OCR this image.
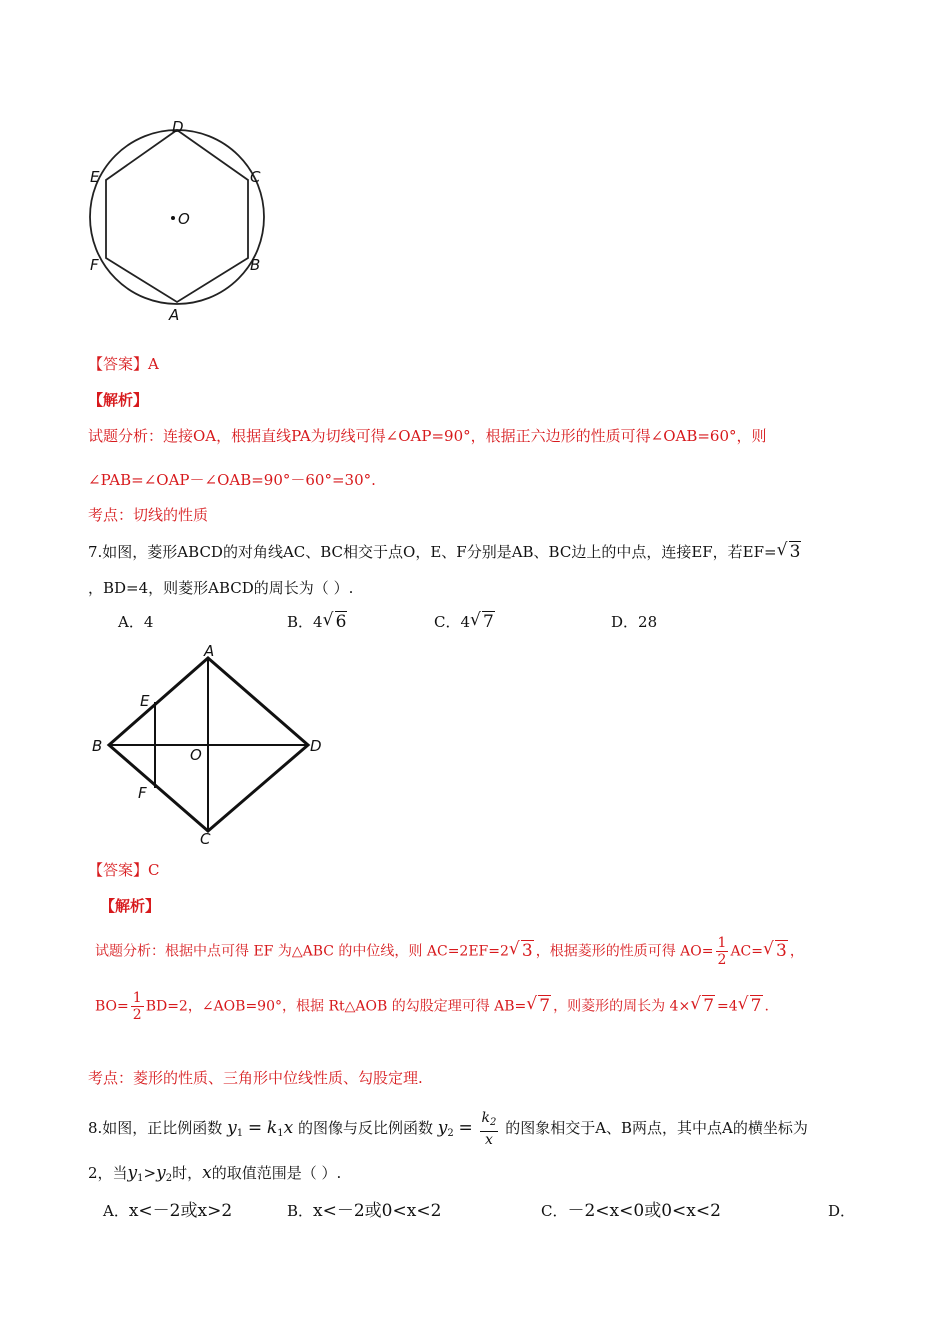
D
C
E
O
F	B
A
【答案】A
【解析】
试题分析：连接OA，根据直线PA为切线可得∠OAP=90°，根据正六边形的性质可得∠OAB=60°，则
∠PAB=∠OAP－∠OAB=90°－60°=30°.
考点：切线的性质
7.如图，菱形ABCD的对角线AC、BC相交于点O，E、F分别是AB、BC边上的中点，连接EF，若EF=√ 3
，BD=4，则菱形ABCD的周长为（ ）.
A．4	B．4√ 6	C．4√ 7	D．28
A
E
B	O	D
F
C
【答案】C
【解析】
试题分析：根据中点可得 EF 为△ABC 的中位线，则 AC=2EF=2√ 3 ，根据菱形的性质可得 $AO= \frac{1}{2} AC=√$ 3 ，
$BO= \frac{1}{2} BD=2$，∠AOB=90°，根据 Rt△AOB 的勾股定理可得 AB=√ 7 ，则菱形的周长为 4×√ 7 =4√ 7 .
考点：菱形的性质、三角形中位线性质、勾股定理.
8.如图，正比例函数 $y_1 = k_1x$ 的图像与反比例函数 $y_2 = \frac{k_2}{x}$ 的图象相交于A、B两点，其中点A的横坐标为
2，当$y_1>y_2$时，x的取值范围是（ ）.
A．x<－2或x>2	B．x<－2或0<x<2	C．－2<x<0或0<x<2	D．
